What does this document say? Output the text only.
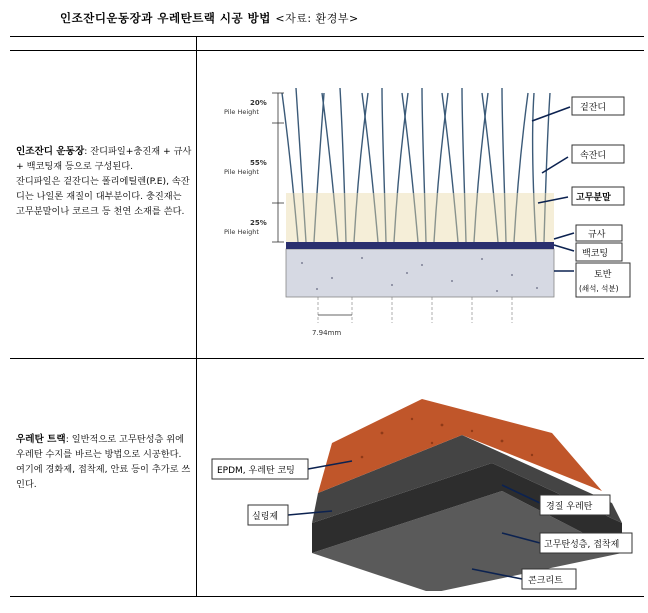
인조잔디운동장과 우레탄트랙 시공 방법 <자료: 환경부>

인조잔디 운동장: 잔디파일+충진재 + 규사 + 백코팅재 등으로 구성된다.

잔디파일은 겉잔디는 폴리에틸렌(P.E), 속잔디는 나일론 재질이 대부분이다. 충진재는 고무분말이나 코르크 등 천연 소재를 쓴다.

우레탄 트랙: 일반적으로 고무탄성층 위에 우레탄 수지를 바르는 방법으로 시공한다.

여기에 경화제, 접착제, 안료 등이 추가로 쓰인다.

20%
Pile Height
55%
Pile Height
25%
Pile Height
7.94mm
겉잔디
속잔디
고무분말
규사
백코팅
토반
(쇄석, 석분)
EPDM, 우레탄 코팅
실링제
경질 우레탄
고무탄성층, 접착제
콘크리트
